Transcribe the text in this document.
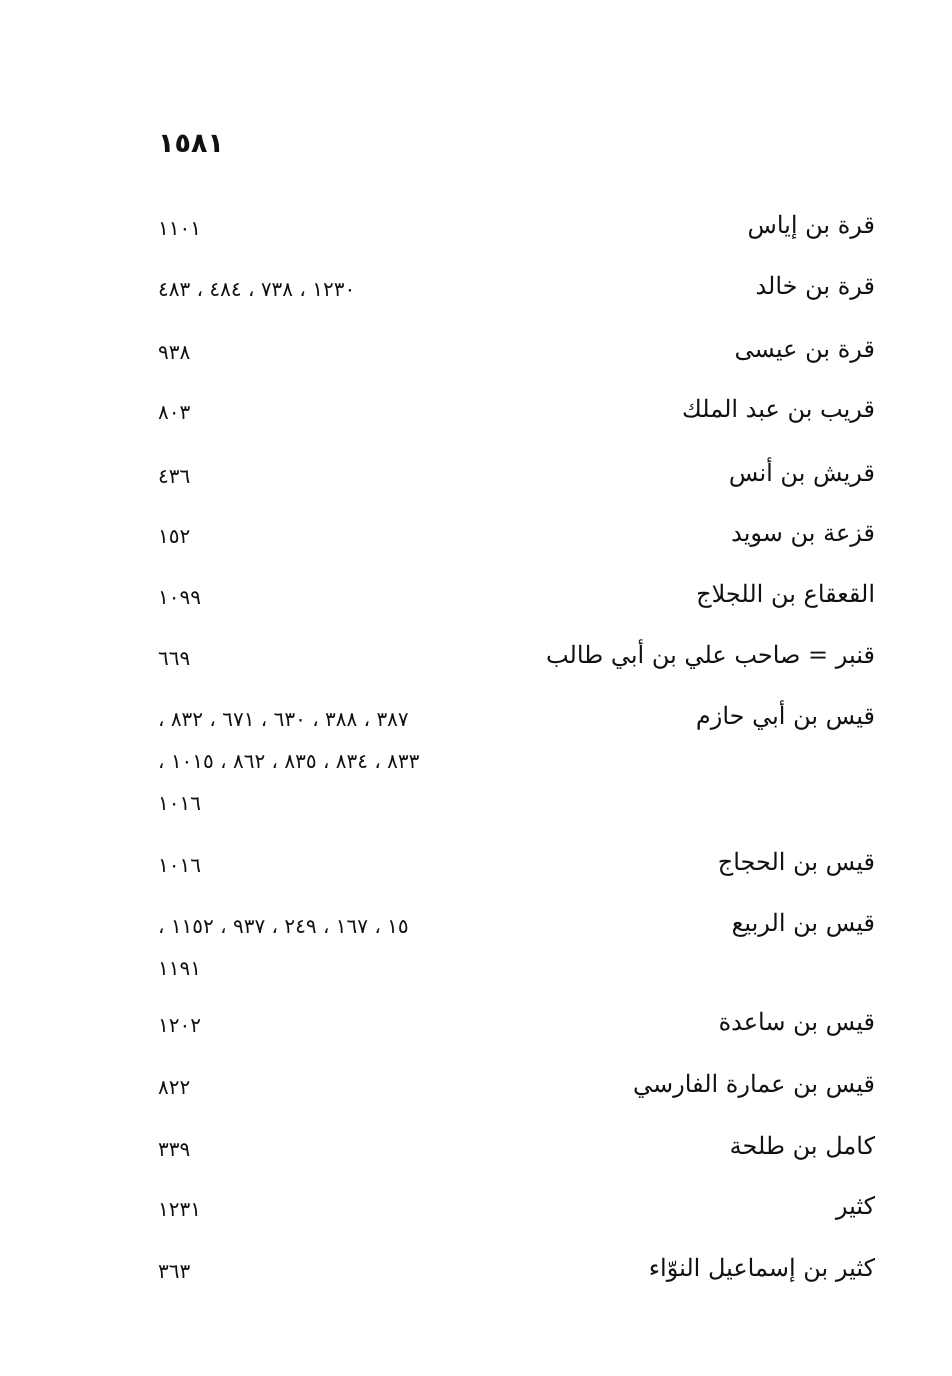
١٥٨١
قرة بن إياس
١١٠١
قرة بن خالد
١٢٣٠ ، ٧٣٨ ، ٤٨٤ ، ٤٨٣
قرة بن عيسى
٩٣٨
قريب بن عبد الملك
٨٠٣
قريش بن أنس
٤٣٦
قزعة بن سويد
١٥٢
القعقاع بن اللجلاج
١٠٩٩
قنبر = صاحب علي بن أبي طالب
٦٦٩
قيس بن أبي حازم
٣٨٧ ، ٣٨٨ ، ٦٣٠ ، ٦٧١ ، ٨٣٢ ،
٨٣٣ ، ٨٣٤ ، ٨٣٥ ، ٨٦٢ ، ١٠١٥ ،
١٠١٦
قيس بن الحجاج
١٠١٦
قيس بن الربيع
١٥ ، ١٦٧ ، ٢٤٩ ، ٩٣٧ ، ١١٥٢ ،
١١٩١
قيس بن ساعدة
١٢٠٢
قيس بن عمارة الفارسي
٨٢٢
كامل بن طلحة
٣٣٩
كثير
١٢٣١
كثير بن إسماعيل النوّاء
٣٦٣
